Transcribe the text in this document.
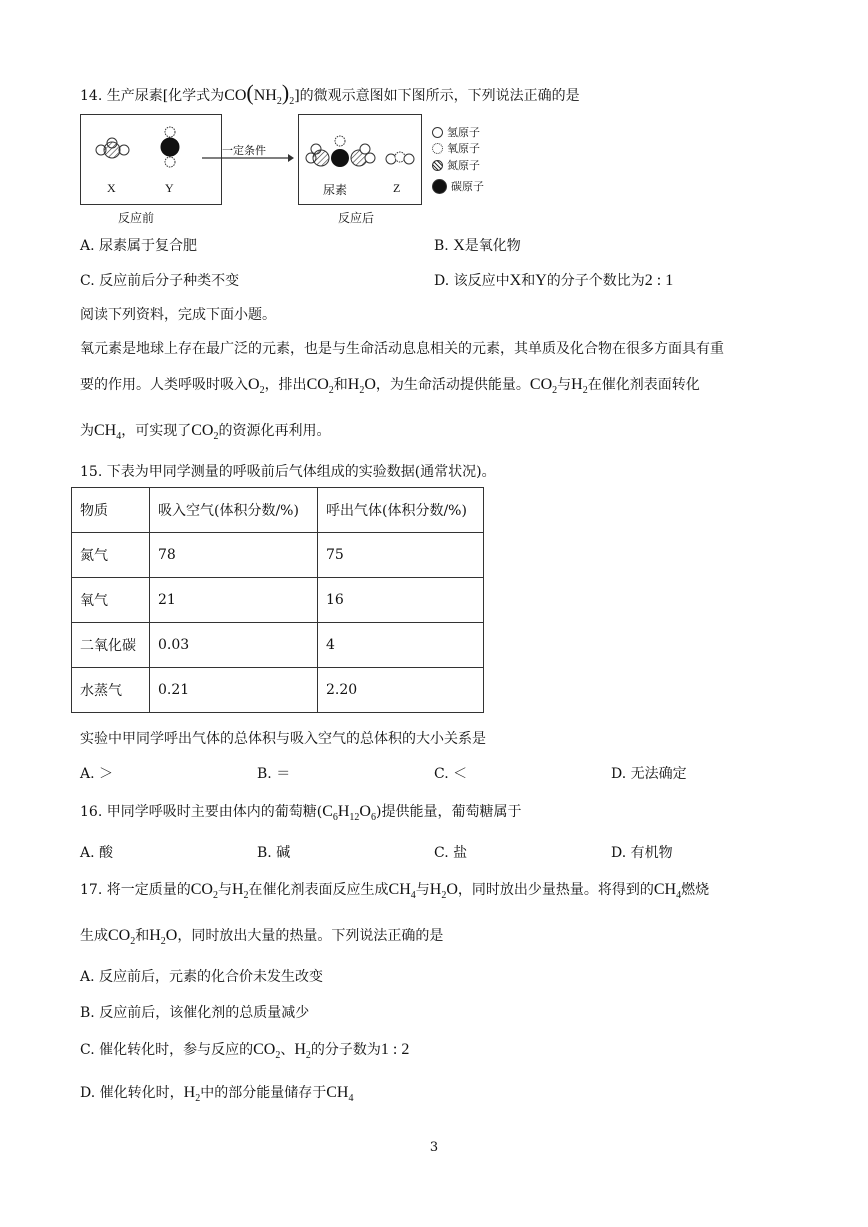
14. 生产尿素[化学式为$CO(NH_2)_2$]的微观示意图如下图所示，下列说法正确的是
X	Y
反应前
一定条件
尿素	Z
反应后
氢原子
氧原子
氮原子
碳原子
A. 尿素属于复合肥	B. X是氧化物
C. 反应前后分子种类不变	D. 该反应中X和Y的分子个数比为2 : 1
阅读下列资料，完成下面小题。
氧元素是地球上存在最广泛的元素，也是与生命活动息息相关的元素，其单质及化合物在很多方面具有重
要的作用。人类呼吸时吸入$O_2$，排出$CO_2$和$H_2O$，为生命活动提供能量。$CO_2$与$H_2$在催化剂表面转化
为$CH_4$，可实现了$CO_2$的资源化再利用。
15. 下表为甲同学测量的呼吸前后气体组成的实验数据(通常状况)。
物质	吸入空气(体积分数/%)	呼出气体(体积分数/%)
氮气	78	75
氧气	21	16
二氧化碳	0.03	4
水蒸气	0.21	2.20
实验中甲同学呼出气体的总体积与吸入空气的总体积的大小关系是
A. ＞	B. ＝	C. ＜	D. 无法确定
16. 甲同学呼吸时主要由体内的葡萄糖$(C_6H_{12}O_6)$提供能量，葡萄糖属于
A. 酸	B. 碱	C. 盐	D. 有机物
17. 将一定质量的$CO_2$与$H_2$在催化剂表面反应生成$CH_4$与$H_2O$，同时放出少量热量。将得到的$CH_4$燃烧
生成$CO_2$和$H_2O$，同时放出大量的热量。下列说法正确的是
A. 反应前后，元素的化合价未发生改变
B. 反应前后，该催化剂的总质量减少
C. 催化转化时，参与反应的$CO_2$、$H_2$的分子数为1 : 2
D. 催化转化时，$H_2$中的部分能量储存于$CH_4$
3
